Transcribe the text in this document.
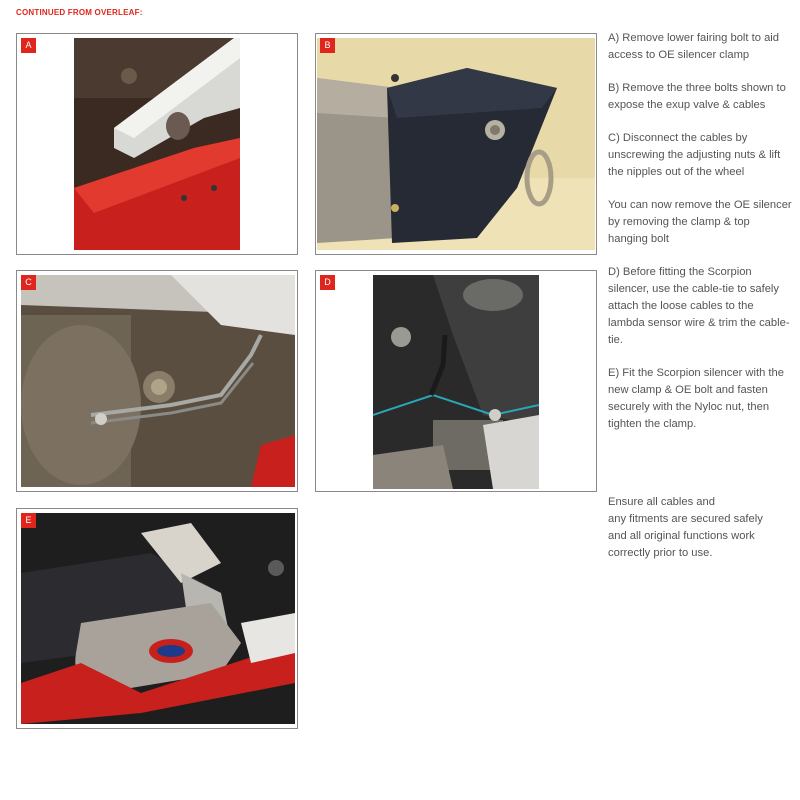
CONTINUED FROM OVERLEAF:
A	B
C	D
E

A) Remove lower fairing bolt to aid access to OE silencer clamp

B) Remove the three bolts shown to expose the exup valve & cables

C) Disconnect the cables by unscrewing the adjusting nuts & lift the nipples out of the wheel

You can now remove the OE silencer by removing the clamp & top hanging bolt

D) Before fitting the Scorpion silencer, use the cable-tie to safely attach the loose cables to the lambda sensor wire & trim the cable-tie.

E) Fit the Scorpion silencer with the new clamp & OE bolt and fasten securely with the Nyloc nut, then tighten the clamp.

Ensure all cables and
any fitments are secured safely
and all original functions work
correctly prior to use.
